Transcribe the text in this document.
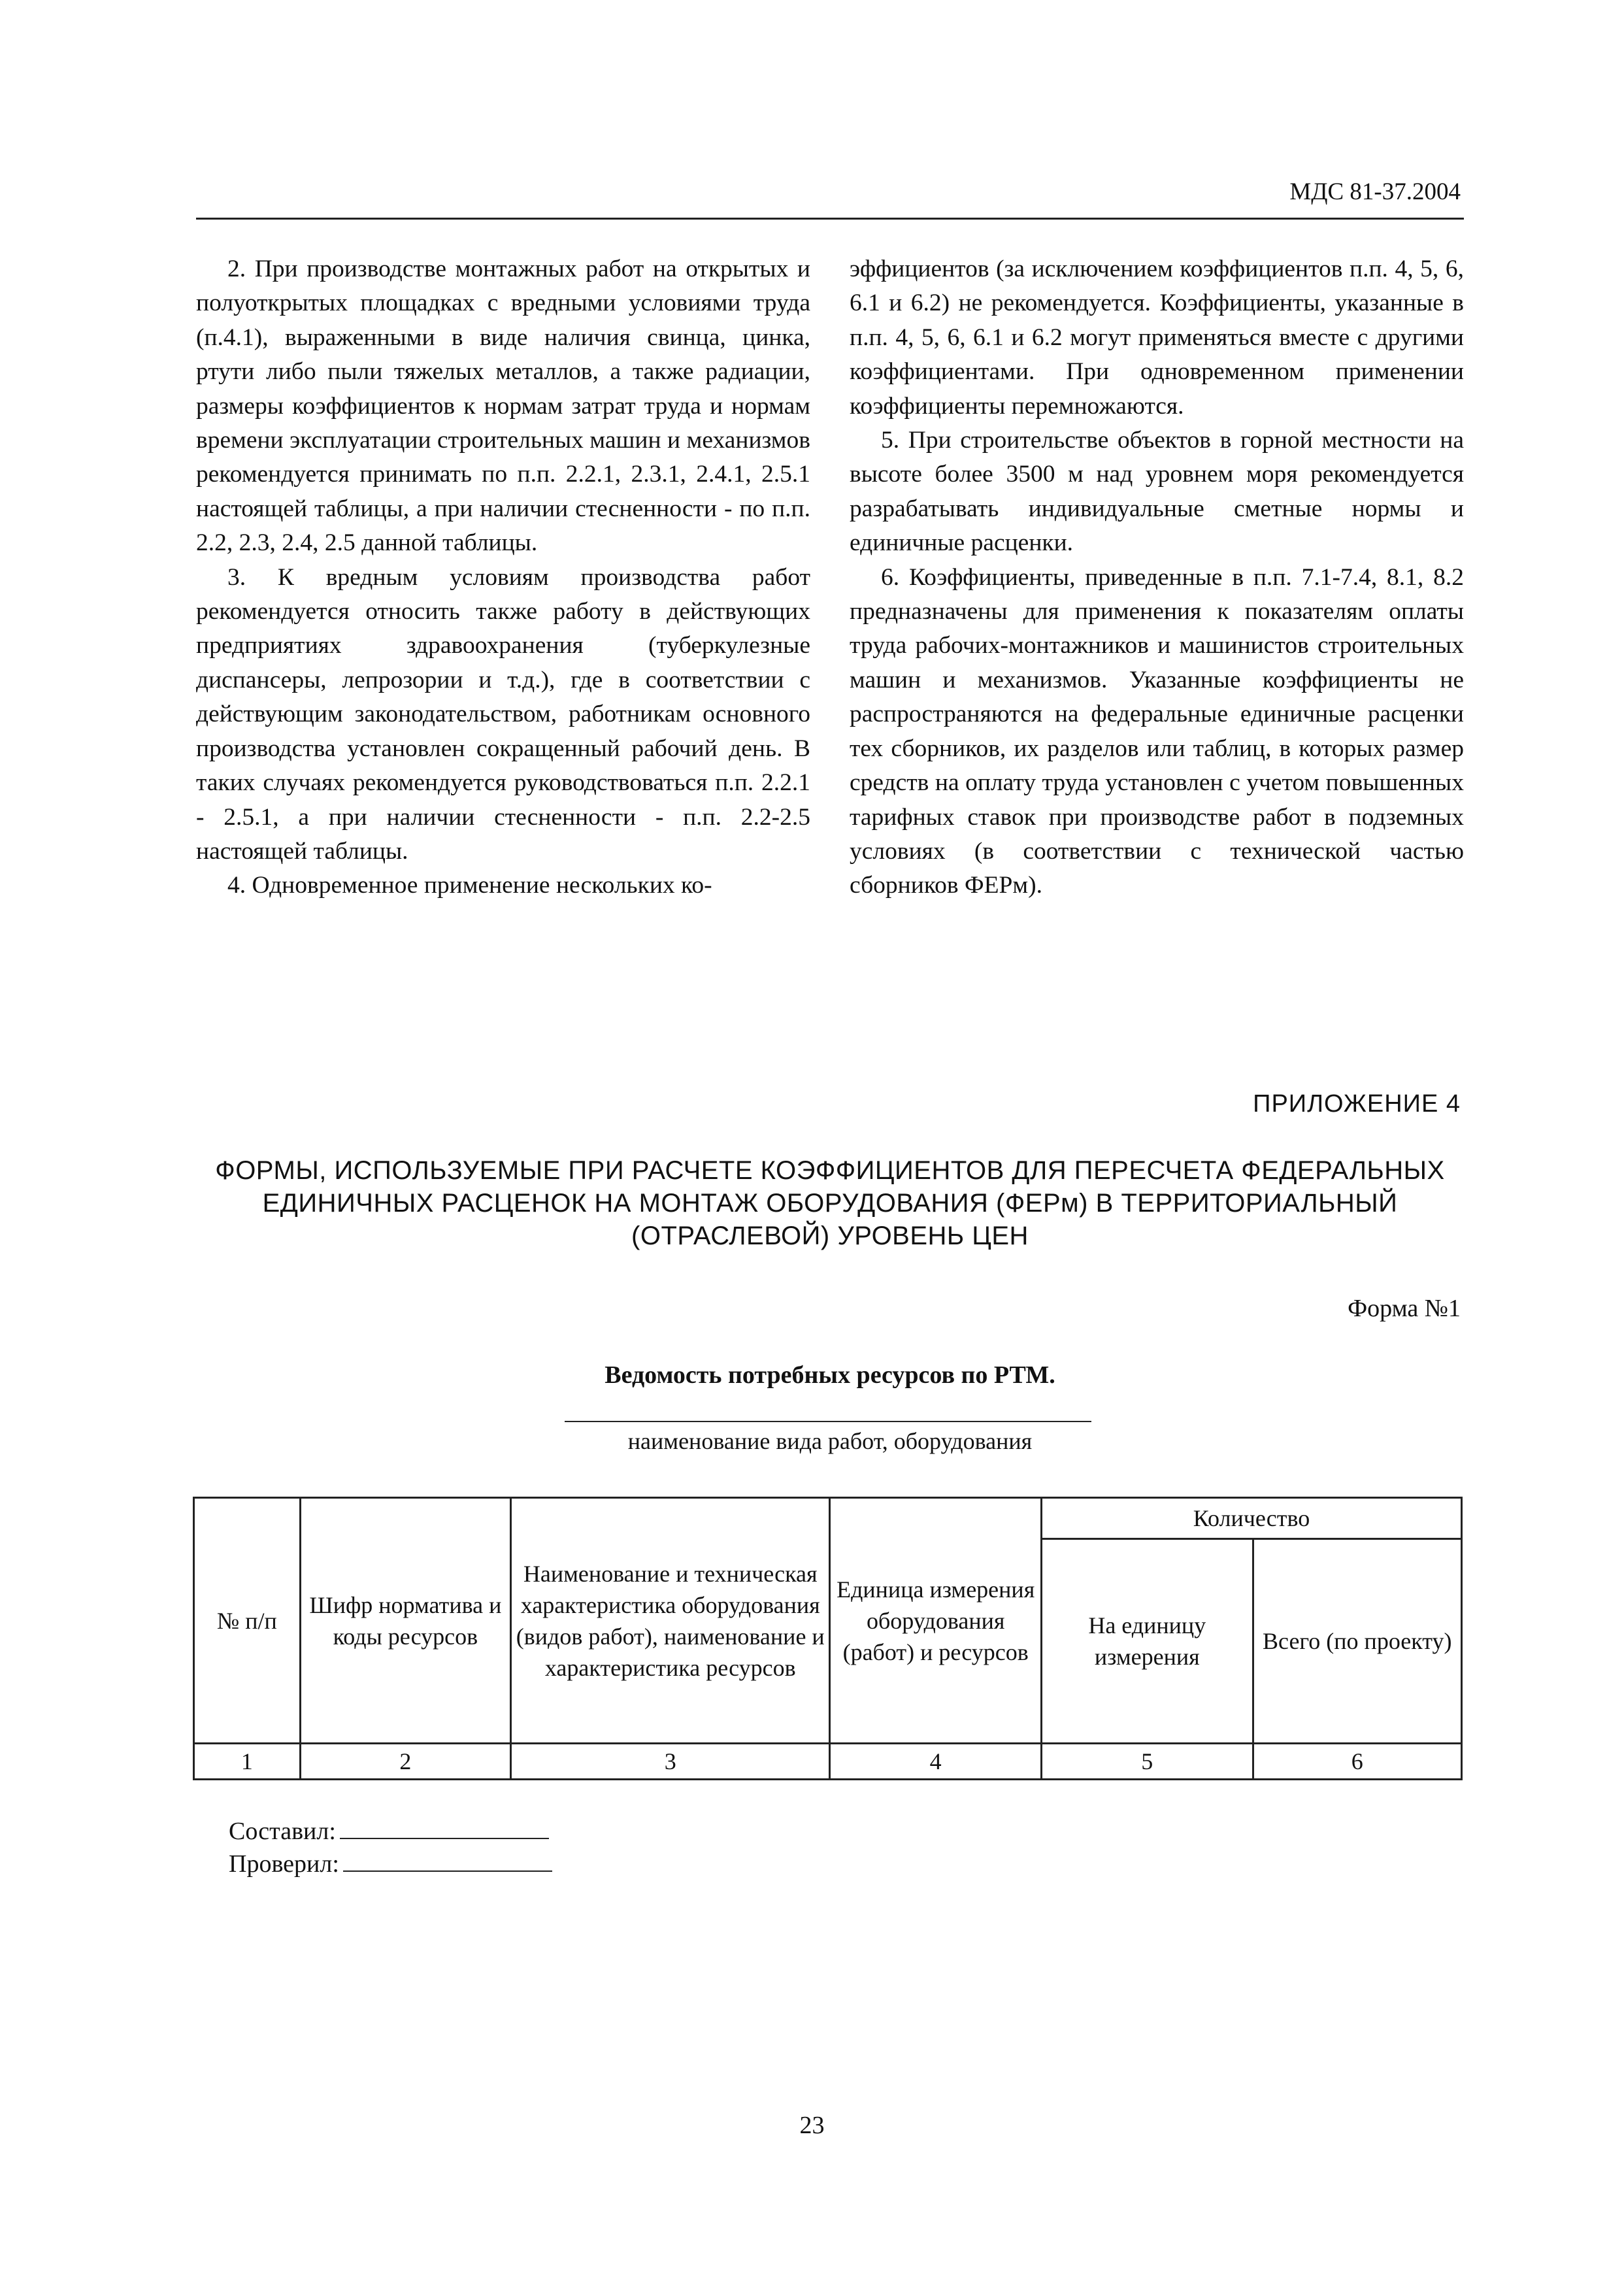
МДС 81-37.2004

2. При производстве монтажных работ на открытых и полуоткрытых площадках с вредными условиями труда (п.4.1), выраженными в виде наличия свинца, цинка, ртути либо пыли тяжелых металлов, а также радиации, размеры коэффициентов к нормам затрат труда и нормам времени эксплуатации строительных машин и механизмов рекомендуется принимать по п.п. 2.2.1, 2.3.1, 2.4.1, 2.5.1 настоящей таблицы, а при наличии стесненности - по п.п. 2.2, 2.3, 2.4, 2.5 данной таблицы.

3. К вредным условиям производства работ рекомендуется относить также работу в действующих предприятиях здравоохранения (туберкулезные диспансеры, лепрозории и т.д.), где в соответствии с действующим законодательством, работникам основного производства установлен сокращенный рабочий день. В таких случаях рекомендуется руководствоваться п.п. 2.2.1 - 2.5.1, а при наличии стесненности - п.п. 2.2-2.5 настоящей таблицы.

4. Одновременное применение нескольких ко-

эффициентов (за исключением коэффициентов п.п. 4, 5, 6, 6.1 и 6.2) не рекомендуется. Коэффициенты, указанные в п.п. 4, 5, 6, 6.1 и 6.2 могут применяться вместе с другими коэффициентами. При одновременном применении коэффициенты перемножаются.

5. При строительстве объектов в горной местности на высоте более 3500 м над уровнем моря рекомендуется разрабатывать индивидуальные сметные нормы и единичные расценки.

6. Коэффициенты, приведенные в п.п. 7.1-7.4, 8.1, 8.2 предназначены для применения к показателям оплаты труда рабочих-монтажников и машинистов строительных машин и механизмов. Указанные коэффициенты не распространяются на федеральные единичные расценки тех сборников, их разделов или таблиц, в которых размер средств на оплату труда установлен с учетом повышенных тарифных ставок при производстве работ в подземных условиях (в соответствии с технической частью сборников ФЕРм).

ПРИЛОЖЕНИЕ 4
ФОРМЫ, ИСПОЛЬЗУЕМЫЕ ПРИ РАСЧЕТЕ КОЭФФИЦИЕНТОВ ДЛЯ ПЕРЕСЧЕТА ФЕДЕРАЛЬНЫХ
ЕДИНИЧНЫХ РАСЦЕНОК НА МОНТАЖ ОБОРУДОВАНИЯ (ФЕРм) В ТЕРРИТОРИАЛЬНЫЙ
(ОТРАСЛЕВОЙ) УРОВЕНЬ ЦЕН
Форма №1
Ведомость потребных ресурсов по РТМ.
наименование вида работ, оборудования
№ п/п	Шифр норматива и коды ресурсов	Наименование и техническая характеристика оборудования (видов работ), наименование и характеристика ресурсов	Единица измерения оборудования (работ) и ресурсов	Количество	
				На единицу измерения	Всего (по проекту)
1	2	3	4	5	6
Составил:
Проверил:
23
